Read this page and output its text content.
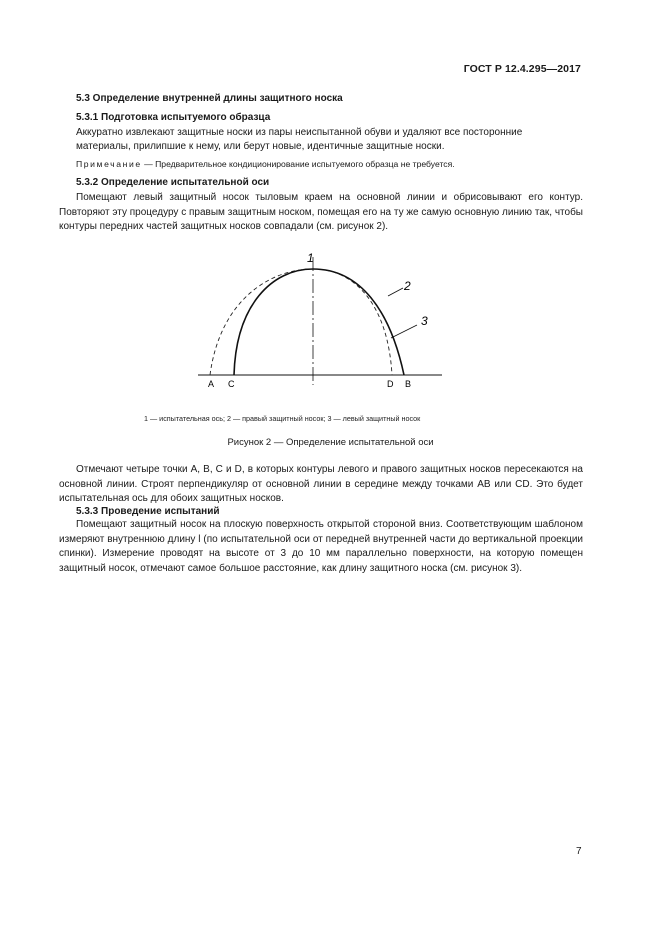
ГОСТ Р 12.4.295—2017
5.3 Определение внутренней длины защитного носка
5.3.1 Подготовка испытуемого образца
Аккуратно извлекают защитные носки из пары неиспытанной обуви и удаляют все посторонние
материалы, прилипшие к нему, или берут новые, идентичные защитные носки.
Примечание — Предварительное кондиционирование испытуемого образца не требуется.
5.3.2 Определение испытательной оси
Помещают левый защитный носок тыловым краем на основной линии и обрисовывают его контур. Повторяют эту процедуру с правым защитным носком, помещая его на ту же самую основную линию так, чтобы контуры передних частей защитных носков совпадали (см. рисунок 2).
1
2
3
A C	D B
1 — испытательная ось; 2 — правый защитный носок; 3 — левый защитный носок
Рисунок 2 — Определение испытательной оси
Отмечают четыре точки A, B, C и D, в которых контуры левого и правого защитных носков пересекаются на основной линии. Строят перпендикуляр от основной линии в середине между точками AB или CD. Это будет испытательная ось для обоих защитных носков.
5.3.3 Проведение испытаний
Помещают защитный носок на плоскую поверхность открытой стороной вниз. Соответствующим шаблоном измеряют внутреннюю длину l (по испытательной оси от передней внутренней части до вертикальной проекции спинки). Измерение проводят на высоте от 3 до 10 мм параллельно поверхности, на которую помещен защитный носок, отмечают самое большое расстояние, как длину защитного носка (см. рисунок 3).
7
